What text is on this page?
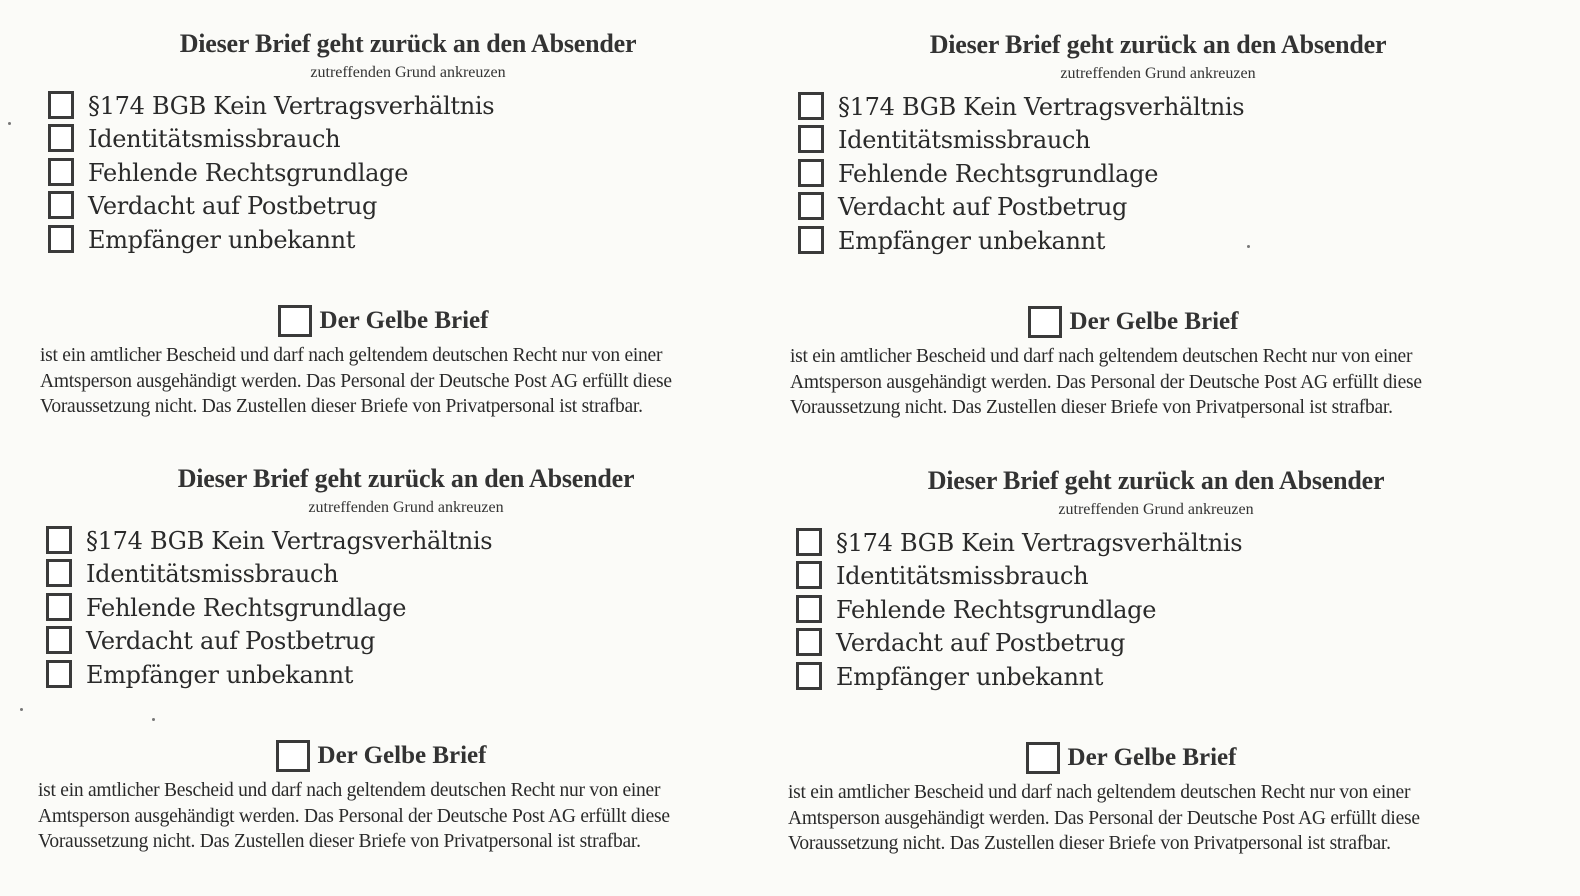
Dieser Brief geht zurück an den Absender
zutreffenden Grund ankreuzen
§174 BGB Kein Vertragsverhältnis
Identitätsmissbrauch
Fehlende Rechtsgrundlage
Verdacht auf Postbetrug
Empfänger unbekannt
Der Gelbe Brief

ist ein amtlicher Bescheid und darf nach geltendem deutschen Recht nur von einer
Amtsperson ausgehändigt werden. Das Personal der Deutsche Post AG erfüllt diese
Voraussetzung nicht. Das Zustellen dieser Briefe von Privatpersonal ist strafbar.

Dieser Brief geht zurück an den Absender
zutreffenden Grund ankreuzen
§174 BGB Kein Vertragsverhältnis
Identitätsmissbrauch
Fehlende Rechtsgrundlage
Verdacht auf Postbetrug
Empfänger unbekannt
Der Gelbe Brief

ist ein amtlicher Bescheid und darf nach geltendem deutschen Recht nur von einer
Amtsperson ausgehändigt werden. Das Personal der Deutsche Post AG erfüllt diese
Voraussetzung nicht. Das Zustellen dieser Briefe von Privatpersonal ist strafbar.

Dieser Brief geht zurück an den Absender
zutreffenden Grund ankreuzen
§174 BGB Kein Vertragsverhältnis
Identitätsmissbrauch
Fehlende Rechtsgrundlage
Verdacht auf Postbetrug
Empfänger unbekannt
Der Gelbe Brief

ist ein amtlicher Bescheid und darf nach geltendem deutschen Recht nur von einer
Amtsperson ausgehändigt werden. Das Personal der Deutsche Post AG erfüllt diese
Voraussetzung nicht. Das Zustellen dieser Briefe von Privatpersonal ist strafbar.

Dieser Brief geht zurück an den Absender
zutreffenden Grund ankreuzen
§174 BGB Kein Vertragsverhältnis
Identitätsmissbrauch
Fehlende Rechtsgrundlage
Verdacht auf Postbetrug
Empfänger unbekannt
Der Gelbe Brief

ist ein amtlicher Bescheid und darf nach geltendem deutschen Recht nur von einer
Amtsperson ausgehändigt werden. Das Personal der Deutsche Post AG erfüllt diese
Voraussetzung nicht. Das Zustellen dieser Briefe von Privatpersonal ist strafbar.
